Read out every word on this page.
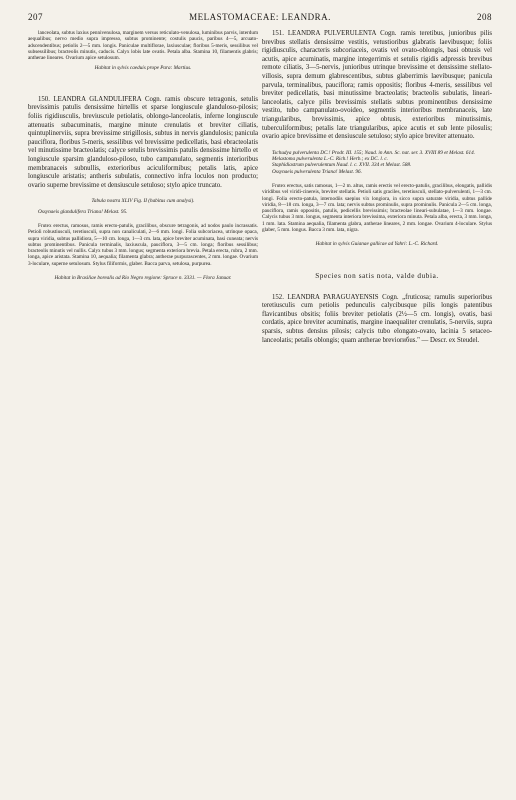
207	MELASTOMACEAE: LEANDRA.	208

lanceolata, subtus laxius pennivenulosa, marginem versus reticulato-venulosa, luminibus parvis, interdum aequalibus; nervo medio supra impresso, subtus prominente; costulis paucis, paribus 4—5, arcuato-adscendentibus; petiolis 2—5 mm. longis. Paniculae multiflorae, laxiusculae; floribus 5-meris, sessilibus vel subsessilibus; bracteolis minutis, caducis. Calyx lobis late ovatis. Petala alba. Stamina 10, filamentis glabris; antherae lineares. Ovarium apice setulosum.

Habitat in sylvis caeduis prope Para: Martius.

150. LEANDRA GLANDULIFERA Cogn. ramis obscure tetragonis, setulis brevissimis patulis densissime hirtellis et sparse longiuscule glanduloso-pilosis; foliis rigidiusculis, breviuscule petiolatis, oblongo-lanceolatis, inferne longiuscule attenuatis subacuminatis, margine minute crenulatis et breviter ciliatis, quintuplinerviis, supra brevissime strigillosis, subtus in nervis glandulosis; panicula pauciflora, floribus 5-meris, sessilibus vel brevissime pedicellatis, basi ebracteolatis vel minutissime bracteolatis; calyce setulis brevissimis patulis densissime hirtello et longiuscule sparsim glanduloso-piloso, tubo campanulato, segmentis interioribus membranaceis subnullis, exterioribus aciculiformibus; petalis latis, apice longiuscule aristatis; antheris subulatis, connectivo infra loculos non producto; ovario superne brevissime et densiuscule setuloso; stylo apice truncato.

Tabula nostra XLIV Fig. II (habitus cum analysi).

Ossynaeis glandulifera Triana! Melast. 95.

Frutex erectus, ramosus, ramis erecto-patulis, gracilibus, obscure tetragonis, ad nodos paulo incrassatis. Petioli robustiusculi, teretiusculi, supra non canaliculati, 2—6 mm. longi. Folia subcoriacea, utrinque opaca, supra viridia, subtus pallidiora, 5—10 cm. longa, 1—3 cm. lata, apice breviter acuminata, basi cuneata; nervis subtus prominentibus. Panicula terminalis, laxiuscula, pauciflora, 3—5 cm. longa; floribus sessilibus; bracteolis minutis vel nullis. Calyx tubus 3 mm. longus; segmenta exteriora brevia. Petala erecta, rubra, 2 mm. longa, apice aristata. Stamina 10, aequalia; filamenta glabra; antherae purpurascentes, 2 mm. longae. Ovarium 3-loculare, superne setulosum. Stylus filiformis, glaber. Bacca parva, setulosa, purpurea.

Habitat in Brasiliae borealis ad Rio Negro regione: Spruce n. 3331. — Flora Januar.

151. LEANDRA PULVERULENTA Cogn. ramis teretibus, junioribus pilis brevibus stellatis densissime vestitis, vetustioribus glabratis laevibusque; foliis rigidiusculis, characteris subcoriaceis, ovatis vel ovato-oblongis, basi obtusis vel acutis, apice acuminatis, margine integerrimis et setulis rigidis adpressis brevibus remote ciliatis, 3—5-nervis, junioribus utrinque brevissime et densissime stellato-villosis, supra demum glabrescentibus, subtus glaberrimis laevibusque; panicula parvula, terminalibus, pauciflora; ramis oppositis; floribus 4-meris, sessilibus vel breviter pedicellatis, basi minutissime bracteolatis; bracteolis subulatis, lineari-lanceolatis, calyce pilis brevissimis stellatis subtus prominentibus densissime vestito, tubo campanulato-ovoideo, segmentis interioribus membranaceis, late triangularibus, brevissimis, apice obtusis, exterioribus minutissimis, tuberculiformibus; petalis late triangularibus, apice acutis et sub lente pilosulis; ovario apice brevissime et densiuscule setuloso; stylo apice breviter attenuato.

Tschudya pulverulenta DC.! Prodr. III. 155; Naud. in Ann. Sc. nat. ser. 3. XVIII 89 et Melast. 614.

Melastoma pulverulenta L.-C. Rich.! Herb.; ex DC. l. c.

Staphidiastrum pulverulentum Naud. l. c. XVII. 334 et Melast. 588.

Ossynaeis pulverulenta Triana! Melast. 96.

Frutex erectus, satis ramosus, 1—2 m. altus, ramis erectis vel erecto-patulis, gracilibus, elongatis, pallidis viridibus vel viridi-cinereis, breviter stellatis. Petioli satis graciles, teretiusculi, stellato-pulverulenti, 1—3 cm. longi. Folia erecto-patula, internodiis saepius vix longiora, in sicco supra saturate viridia, subtus pallide viridia, 8—18 cm. longa, 3—7 cm. lata; nervis subtus prominulis, supra prominulis. Panicula 2—5 cm. longa, pauciflora, ramis oppositis, patulis, pedicellis brevissimis; bracteolae lineari-subulatae, 1—3 mm. longae. Calycis tubus 3 mm. longus, segmenta interiora brevissima, exteriora minuta. Petala alba, erecta, 3 mm. longa, 1 mm. lata. Stamina aequalia, filamenta glabra, antherae lineares, 2 mm. longae. Ovarium 4-loculare. Stylus glaber, 5 mm. longus. Bacca 3 mm. lata, nigra.

Habitat in sylvis Guianae gallicae ad Yahri: L.-C. Richard.

Species non satis nota, valde dubia.

152. LEANDRA PARAGUAYENSIS Cogn. „fruticosa; ramulis superioribus teretiusculis cum petiolis pedunculis calycibusque pilis longis patentibus flavicantibus obsitis; foliis breviter petiolatis (2½—5 cm. longis), ovatis, basi cordatis, apice breviter acuminatis, margine inaequaliter crenulatis, 5-nerviis, supra sparsis, subtus densius pilosis; calycis tubo elongato-ovato, lacinia 5 setaceo-lanceolatis; petalis oblongis; quam antherae breviorибus." — Descr. ex Steudel.
